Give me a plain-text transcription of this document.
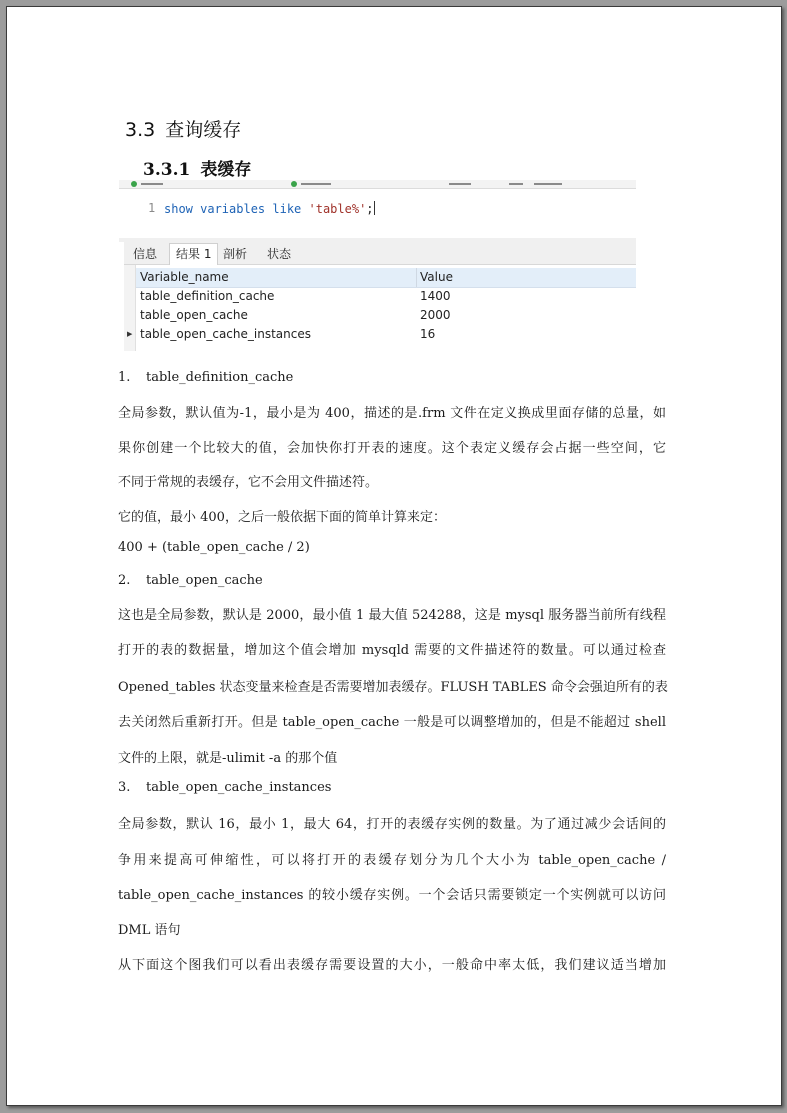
3.3 查询缓存
3.3.1 表缓存
1 show variables like 'table%';
信息	结果 1 剖析	状态
Variable_name	Value
table_definition_cache	1400
table_open_cache	2000
▶ table_open_cache_instances	16
1. table_definition_cache
全局参数，默认值为-1，最小是为 400，描述的是.frm 文件在定义换成里面存储的总量，如
果你创建一个比较大的值，会加快你打开表的速度。这个表定义缓存会占据一些空间，它
不同于常规的表缓存，它不会用文件描述符。
它的值，最小 400，之后一般依据下面的简单计算来定：
400 + (table_open_cache / 2)
2. table_open_cache
这也是全局参数，默认是 2000，最小值 1 最大值 524288，这是 mysql 服务器当前所有线程
打开的表的数据量，增加这个值会增加 mysqld 需要的文件描述符的数量。可以通过检查
Opened_tables 状态变量来检查是否需要增加表缓存。FLUSH TABLES 命令会强迫所有的表
去关闭然后重新打开。但是 table_open_cache 一般是可以调整增加的，但是不能超过 shell
文件的上限，就是-ulimit -a 的那个值
3. table_open_cache_instances
全局参数，默认 16，最小 1，最大 64，打开的表缓存实例的数量。为了通过减少会话间的
争用来提高可伸缩性，可以将打开的表缓存划分为几个大小为 table_open_cache /
table_open_cache_instances 的较小缓存实例。一个会话只需要锁定一个实例就可以访问
DML 语句
从下面这个图我们可以看出表缓存需要设置的大小，一般命中率太低，我们建议适当增加
